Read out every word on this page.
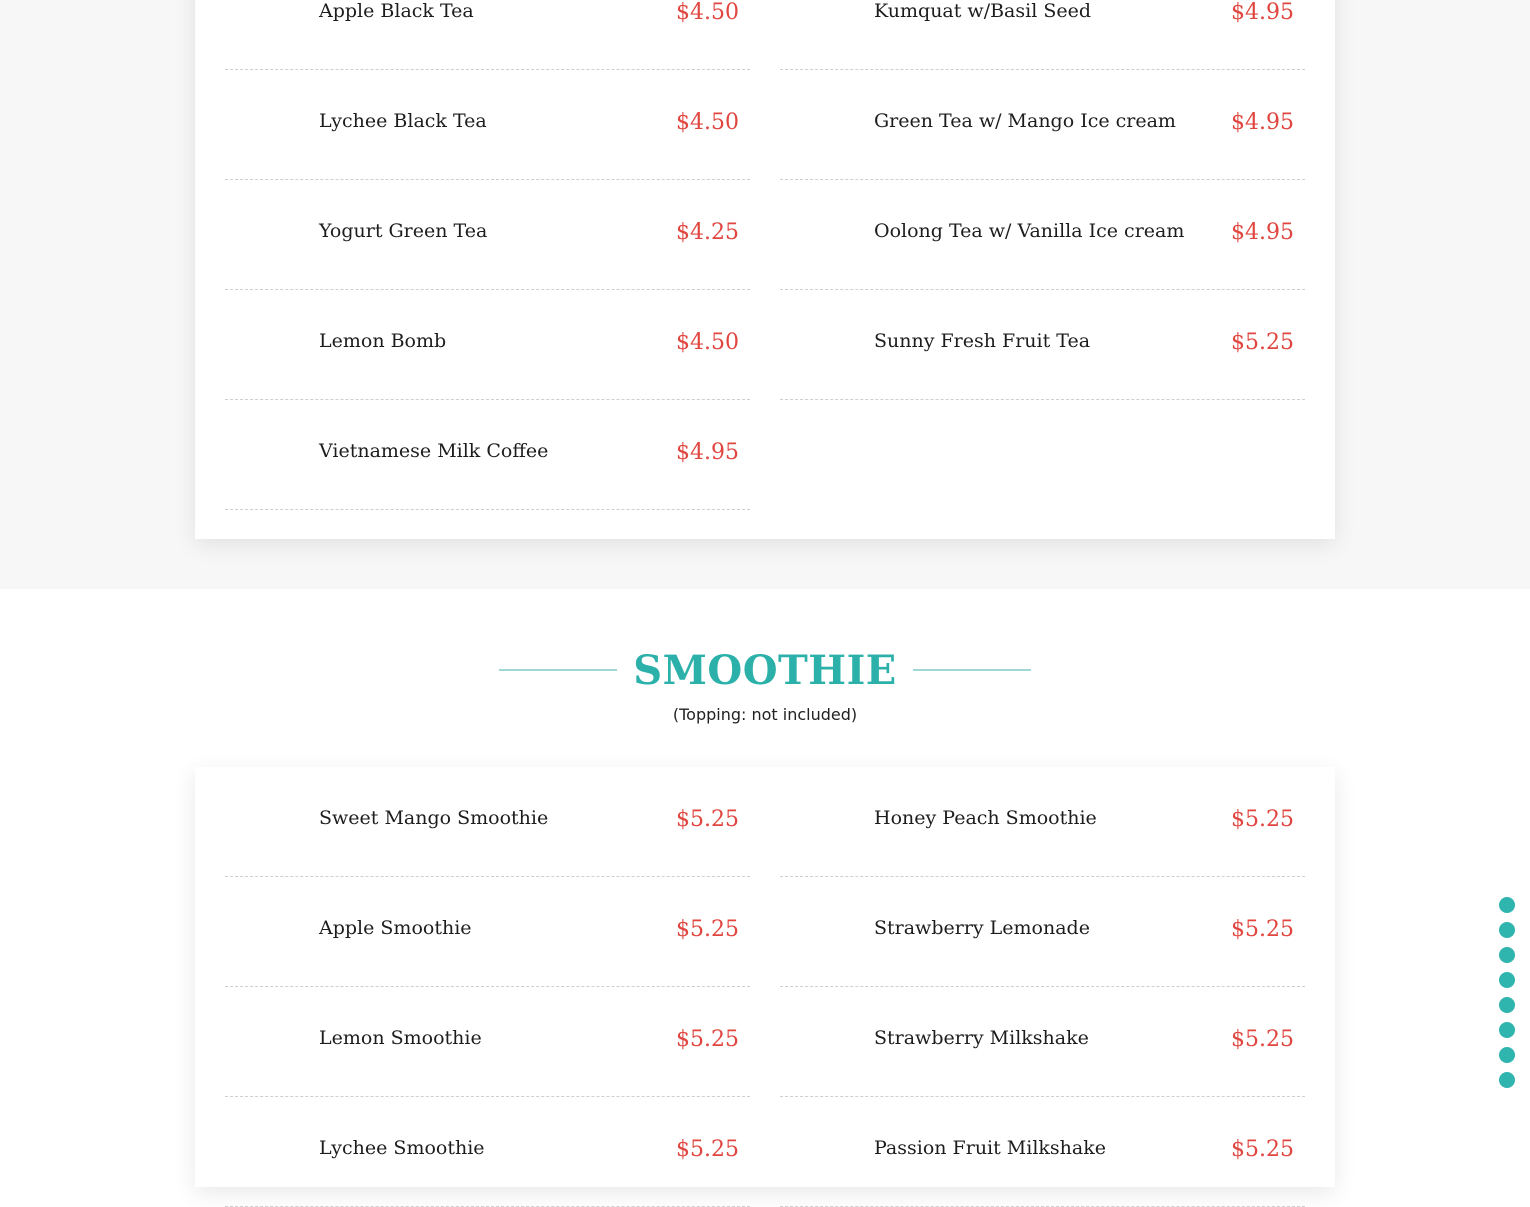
Apple Black Tea	$4.50
Lychee Black Tea	$4.50
Yogurt Green Tea	$4.25
Lemon Bomb	$4.50
Vietnamese Milk Coffee	$4.95
Kumquat w/Basil Seed	$4.95
Green Tea w/ Mango Ice cream	$4.95
Oolong Tea w/ Vanilla Ice cream $4.95
Sunny Fresh Fruit Tea	$5.25
SMOOTHIE
(Topping: not included)
Sweet Mango Smoothie	$5.25
Apple Smoothie	$5.25
Lemon Smoothie	$5.25
Lychee Smoothie	$5.25
Honey Peach Smoothie	$5.25
Strawberry Lemonade	$5.25
Strawberry Milkshake	$5.25
Passion Fruit Milkshake	$5.25
